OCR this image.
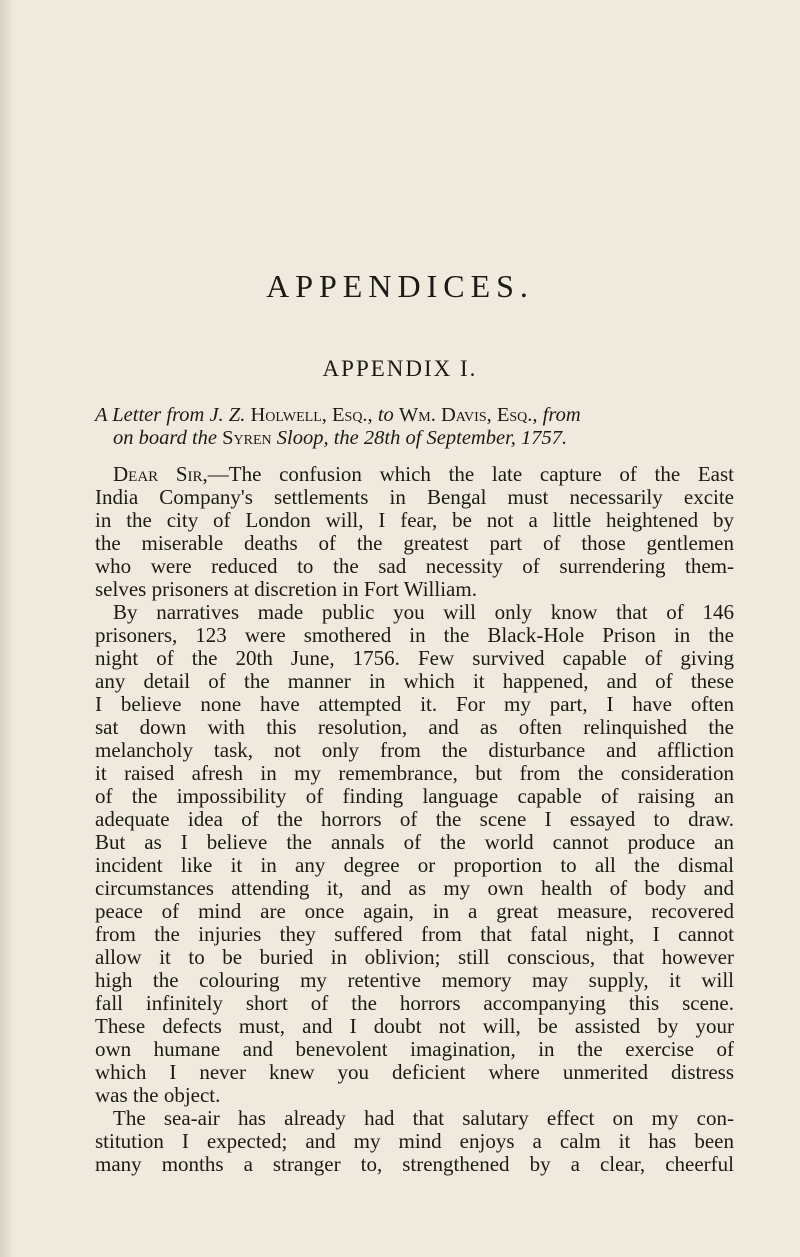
APPENDICES.
APPENDIX I.

A Letter from J. Z. Holwell, Esq., to Wm. Davis, Esq., from
on board the Syren Sloop, the 28th of September, 1757.

Dear Sir,—The confusion which the late capture of the East
India Company's settlements in Bengal must necessarily excite
in the city of London will, I fear, be not a little heightened by
the miserable deaths of the greatest part of those gentlemen
who were reduced to the sad necessity of surrendering them-
selves prisoners at discretion in Fort William.
By narratives made public you will only know that of 146
prisoners, 123 were smothered in the Black-Hole Prison in the
night of the 20th June, 1756. Few survived capable of giving
any detail of the manner in which it happened, and of these
I believe none have attempted it. For my part, I have often
sat down with this resolution, and as often relinquished the
melancholy task, not only from the disturbance and affliction
it raised afresh in my remembrance, but from the consideration
of the impossibility of finding language capable of raising an
adequate idea of the horrors of the scene I essayed to draw.
But as I believe the annals of the world cannot produce an
incident like it in any degree or proportion to all the dismal
circumstances attending it, and as my own health of body and
peace of mind are once again, in a great measure, recovered
from the injuries they suffered from that fatal night, I cannot
allow it to be buried in oblivion; still conscious, that however
high the colouring my retentive memory may supply, it will
fall infinitely short of the horrors accompanying this scene.
These defects must, and I doubt not will, be assisted by your
own humane and benevolent imagination, in the exercise of
which I never knew you deficient where unmerited distress
was the object.
The sea-air has already had that salutary effect on my con-
stitution I expected; and my mind enjoys a calm it has been
many months a stranger to, strengthened by a clear, cheerful
